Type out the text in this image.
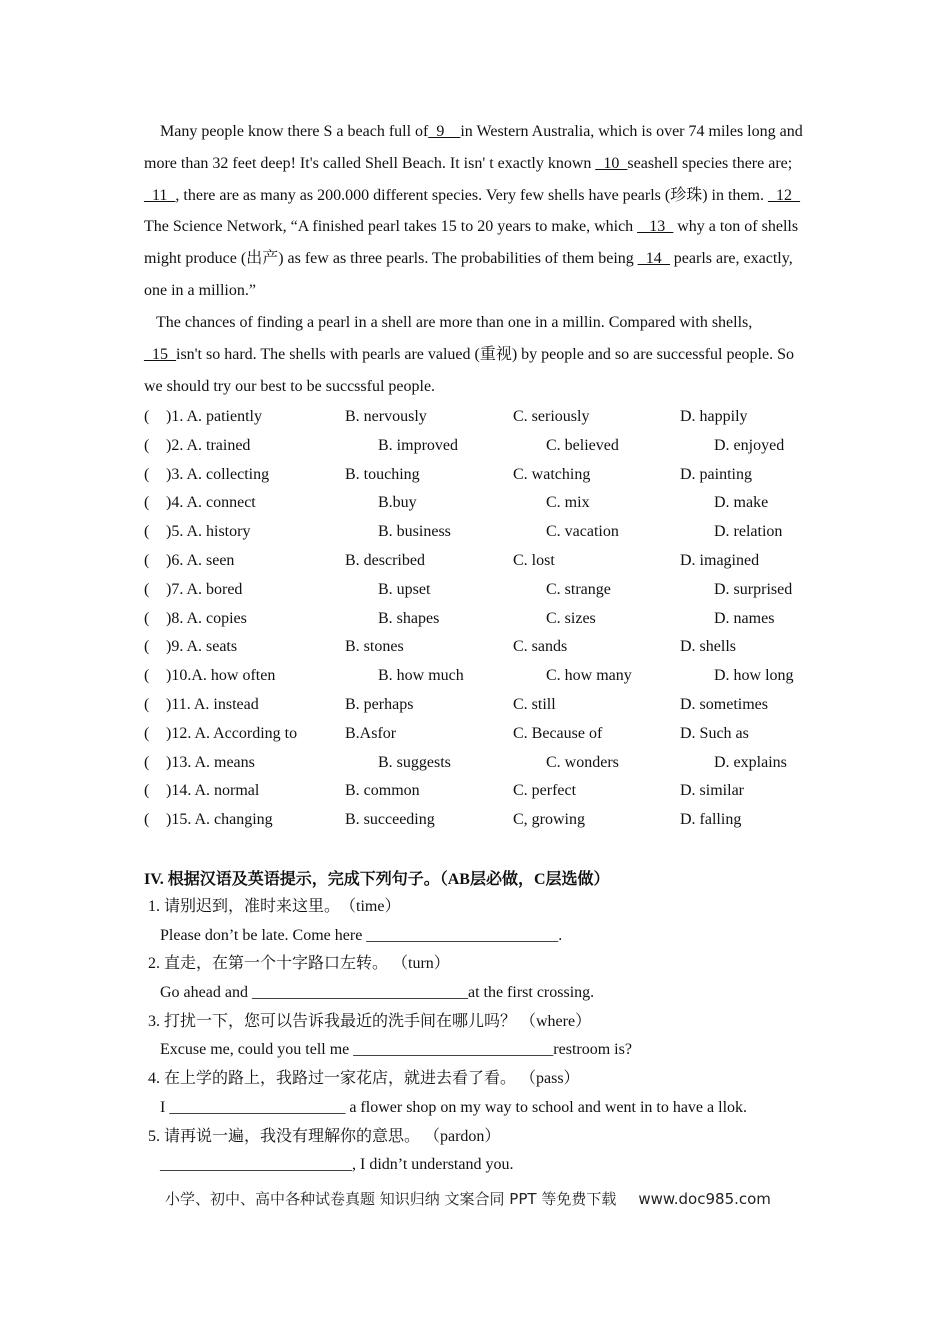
Many people know there S a beach full of_9__in Western Australia, which is over 74 miles long and more than 32 feet deep! It's called Shell Beach. It isn' t exactly known _10_seashell species there are; _11_, there are as many as 200.000 different species. Very few shells have pearls (珍珠) in them. _12_ The Science Network, “A finished pearl takes 15 to 20 years to make, which _ 13_ why a ton of shells might produce (出产) as few as three pearls. The probabilities of them being _14_ pearls are, exactly, one in a million.”

The chances of finding a pearl in a shell are more than one in a millin. Compared with shells, _15_isn't so hard. The shells with pearls are valued (重视) by people and so are successful people. So we should try our best to be succssful people.

( )1. A. patiently	B. nervously	C. seriously	D. happily
( )2. A. trained	B. improved	C. believed	D. enjoyed
( )3. A. collecting	B. touching	C. watching	D. painting
( )4. A. connect	B.buy	C. mix	D. make
( )5. A. history	B. business	C. vacation	D. relation
( )6. A. seen	B. described	C. lost	D. imagined
( )7. A. bored	B. upset	C. strange	D. surprised
( )8. A. copies	B. shapes	C. sizes	D. names
( )9. A. seats	B. stones	C. sands	D. shells
( )10.A. how often	B. how much	C. how many	D. how long
( )11. A. instead	B. perhaps	C. still	D. sometimes
( )12. A. According to	B.Asfor	C. Because of	D. Such as
( )13. A. means	B. suggests	C. wonders	D. explains
( )14. A. normal	B. common	C. perfect	D. similar
( )15. A. changing	B. succeeding	C, growing	D. falling
IV. 根据汉语及英语提示，完成下列句子。（AB层必做，C层选做）
1. 请别迟到，准时来这里。　（time）
Please don’t be late. Come here ________________________.
2. 直走，在第一个十字路口左转。 （turn）
Go ahead and ___________________________at the first crossing.
3. 打扰一下，您可以告诉我最近的洗手间在哪儿吗？ （where）
Excuse me, could you tell me _________________________restroom is?
4. 在上学的路上，我路过一家花店，就进去看了看。 （pass）
I ______________________ a flower shop on my way to school and went in to have a llok.
5. 请再说一遍，我没有理解你的意思。 （pardon）
________________________, I didn’t understand you.
小学、初中、高中各种试卷真题 知识归纳 文案合同 PPT 等免费下载 www.doc985.com
